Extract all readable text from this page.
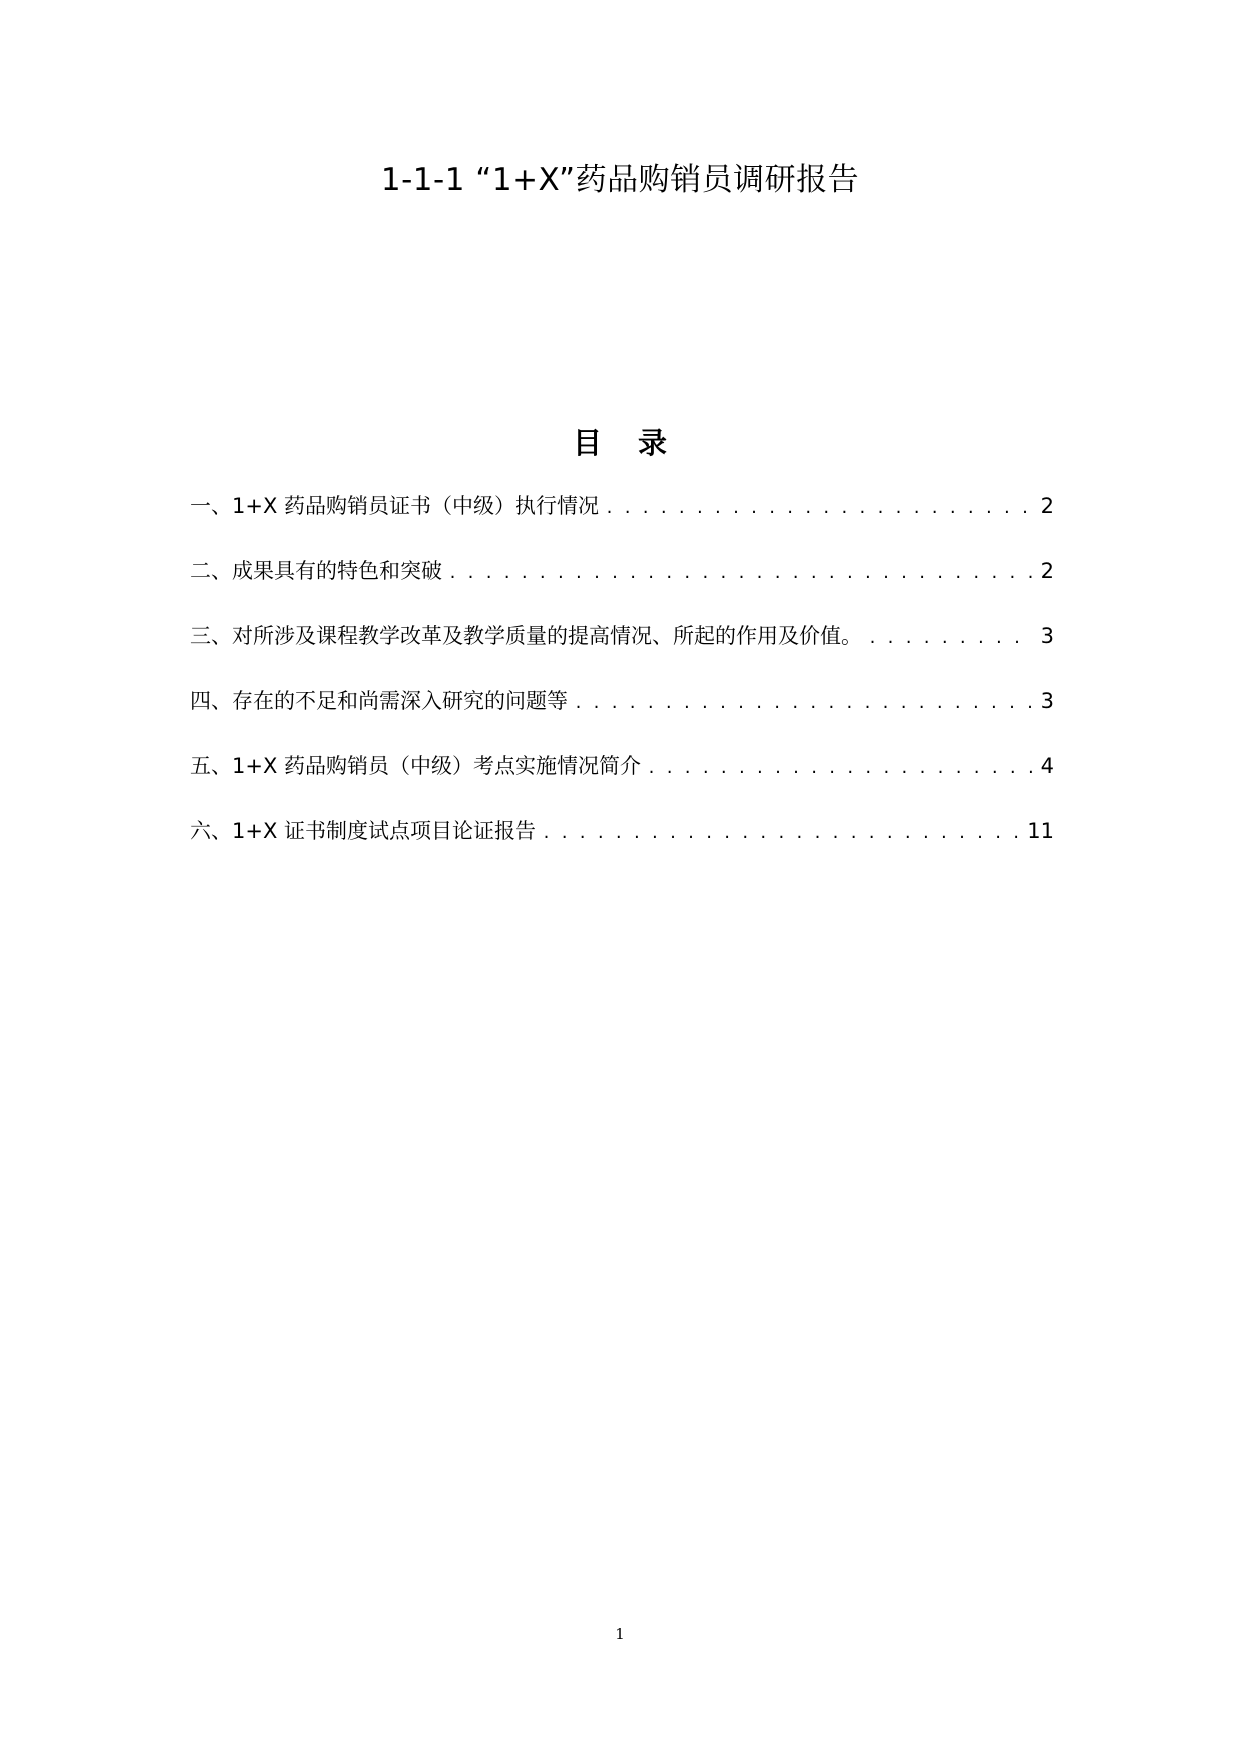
1-1-1 “1+X”药品购销员调研报告
目录
一、1+X 药品购销员证书（中级）执行情况 . . .	2
二、成果具有的特色和突破 . . .	2
三、对所涉及课程教学改革及教学质量的提高情况、所起的作用及价值。 . . .	3
四、存在的不足和尚需深入研究的问题等 . . .	3
五、1+X 药品购销员（中级）考点实施情况简介 . . .	4
六、1+X 证书制度试点项目论证报告 . . .	11
1
